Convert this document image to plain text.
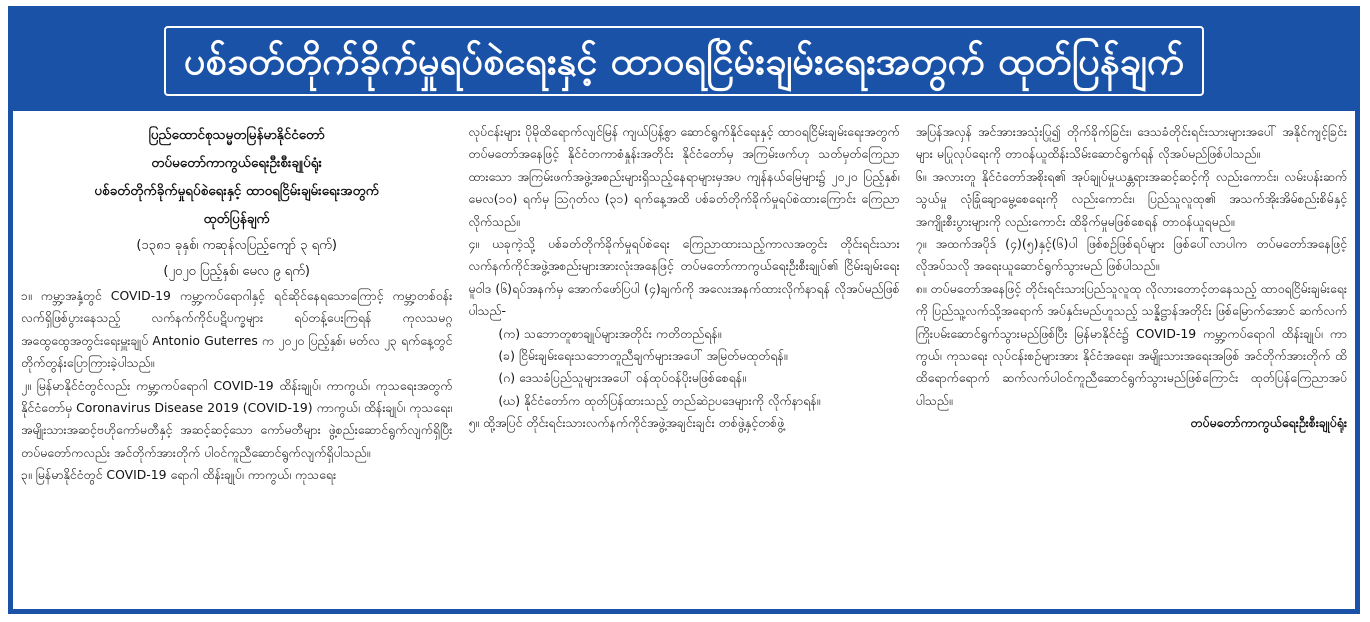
ပစ်ခတ်တိုက်ခိုက်မှုရပ်စဲရေးနှင့် ထာဝရငြိမ်းချမ်းရေးအတွက် ထုတ်ပြန်ချက်

ပြည်ထောင်စုသမ္မတမြန်မာနိုင်ငံတော်

တပ်မတော်ကာကွယ်ရေးဦးစီးချုပ်ရုံး

ပစ်ခတ်တိုက်ခိုက်မှုရပ်စဲရေးနှင့် ထာဝရငြိမ်းချမ်းရေးအတွက်

ထုတ်ပြန်ချက်

(၁၃၈၁ ခုနှစ်၊ ကဆုန်လပြည့်ကျော် ၃ ရက်)

(၂၀၂၀ ပြည့်နှစ်၊ မေလ ၉ ရက်)

၁။ ကမ္ဘာ့အနှံ့တွင် COVID-19 ကမ္ဘာ့ကပ်ရောဂါနှင့် ရင်ဆိုင်နေရသောကြောင့် ကမ္ဘာ့တစ်ဝန်း လက်ရှိဖြစ်ပွားနေသည့် လက်နက်ကိုင်ပဋိပက္ခများ ရပ်တန့်ပေးကြရန် ကုလသမဂ္ဂအထွေထွေအတွင်းရေးမှူးချုပ် Antonio Guterres က ၂၀၂၀ ပြည့်နှစ်၊ မတ်လ ၂၃ ရက်နေ့တွင် တိုက်တွန်းပြောကြားခဲ့ပါသည်။

၂။ မြန်မာနိုင်ငံတွင်လည်း ကမ္ဘာ့ကပ်ရောဂါ COVID-19 ထိန်းချုပ်၊ ကာကွယ်၊ ကုသရေးအတွက် နိုင်ငံတော်မှ Coronavirus Disease 2019 (COVID-19) ကာကွယ်၊ ထိန်းချုပ်၊ ကုသရေး၊ အမျိုးသားအဆင့်ဗဟိုကော်မတီနှင့် အဆင့်ဆင့်သော ကော်မတီများ ဖွဲ့စည်းဆောင်ရွက်လျက်ရှိပြီး တပ်မတော်ကလည်း အင်တိုက်အားတိုက် ပါဝင်ကူညီဆောင်ရွက်လျက်ရှိပါသည်။

၃။ မြန်မာနိုင်ငံတွင် COVID-19 ရောဂါ ထိန်းချုပ်၊ ကာကွယ်၊ ကုသရေး

လုပ်ငန်းများ ပိုမိုထိရောက်လျင်မြန် ကျယ်ပြန့်စွာ ဆောင်ရွက်နိုင်ရေးနှင့် ထာဝရငြိမ်းချမ်းရေးအတွက် တပ်မတော်အနေဖြင့် နိုင်ငံတကာစံနှုန်းအတိုင်း နိုင်ငံတော်မှ အကြမ်းဖက်ဟု သတ်မှတ်ကြေညာထားသော အကြမ်းဖက်အဖွဲ့အစည်းများရှိသည့်နေရာများမှအပ ကျန်နယ်မြေများ၌ ၂၀၂၀ ပြည့်နှစ်၊ မေလ(၁၀) ရက်မှ ဩဂုတ်လ (၃၁) ရက်နေ့အထိ ပစ်ခတ်တိုက်ခိုက်မှုရပ်စဲထားကြောင်း ကြေညာလိုက်သည်။

၄။ ယခုကဲ့သို့ ပစ်ခတ်တိုက်ခိုက်မှုရပ်စဲရေး ကြေညာထားသည့်ကာလအတွင်း တိုင်းရင်းသားလက်နက်ကိုင်အဖွဲ့အစည်းများအားလုံးအနေဖြင့် တပ်မတော်ကာကွယ်ရေးဦးစီးချုပ်၏ ငြိမ်းချမ်းရေးမူဝါဒ (၆)ရပ်အနက်မှ အောက်ဖော်ပြပါ (၄)ချက်ကို အလေးအနက်ထားလိုက်နာရန် လိုအပ်မည်ဖြစ်ပါသည်-

(က) သဘောတူစာချုပ်များအတိုင်း ကတိတည်ရန်။

(ခ) ငြိမ်းချမ်းရေးသဘောတူညီချက်များအပေါ် အမြတ်မထုတ်ရန်။

(ဂ) ဒေသခံပြည်သူများအပေါ် ဝန်ထုပ်ဝန်ပိုးမဖြစ်စေရန်။

(ဃ) နိုင်ငံတော်က ထုတ်ပြန်ထားသည့် တည်ဆဲဥပဒေများကို လိုက်နာရန်။

၅။ ထို့အပြင် တိုင်းရင်းသားလက်နက်ကိုင်အဖွဲ့အချင်းချင်း တစ်ဖွဲ့နှင့်တစ်ဖွဲ့

အပြန်အလှန် အင်အားအသုံးပြု၍ တိုက်ခိုက်ခြင်း၊ ဒေသခံတိုင်းရင်းသားများအပေါ် အနိုင်ကျင့်ခြင်းများ မပြုလုပ်ရေးကို တာဝန်ယူထိန်းသိမ်းဆောင်ရွက်ရန် လိုအပ်မည်ဖြစ်ပါသည်။

၆။ အလားတူ နိုင်ငံတော်အစိုးရ၏ အုပ်ချုပ်မှုယန္တရားအဆင့်ဆင့်ကို လည်းကောင်း၊ လမ်းပန်းဆက်သွယ်မှု လုံခြုံချောမွေ့စေရေးကို လည်းကောင်း၊ ပြည်သူလူထု၏ အသက်အိုးအိမ်စည်းစိမ်နှင့် အကျိုးစီးပွားများကို လည်းကောင်း ထိခိုက်မှုမဖြစ်စေရန် တာဝန်ယူရမည်။

၇။ အထက်အပိုဒ် (၄)(၅)နှင့်(၆)ပါ ဖြစ်စဉ်ဖြစ်ရပ်များ ဖြစ်ပေါ်လာပါက တပ်မတော်အနေဖြင့် လိုအပ်သလို အရေးယူဆောင်ရွက်သွားမည် ဖြစ်ပါသည်။

၈။ တပ်မတော်အနေဖြင့် တိုင်းရင်းသားပြည်သူလူထု လိုလားတောင့်တနေသည့် ထာဝရငြိမ်းချမ်းရေးကို ပြည်သူ့လက်သို့အရောက် အပ်နှင်းမည်ဟူသည့် သန္နိဋ္ဌာန်အတိုင်း ဖြစ်မြောက်အောင် ဆက်လက်ကြိုးပမ်းဆောင်ရွက်သွားမည်ဖြစ်ပြီး မြန်မာနိုင်ငံ၌ COVID-19 ကမ္ဘာ့ကပ်ရောဂါ ထိန်းချုပ်၊ ကာကွယ်၊ ကုသရေး လုပ်ငန်းစဉ်များအား နိုင်ငံအရေး၊ အမျိုးသားအရေးအဖြစ် အင်တိုက်အားတိုက် ထိထိရောက်ရောက် ဆက်လက်ပါဝင်ကူညီဆောင်ရွက်သွားမည်ဖြစ်ကြောင်း ထုတ်ပြန်ကြေညာအပ်ပါသည်။

တပ်မတော်ကာကွယ်ရေးဦးစီးချုပ်ရုံး
